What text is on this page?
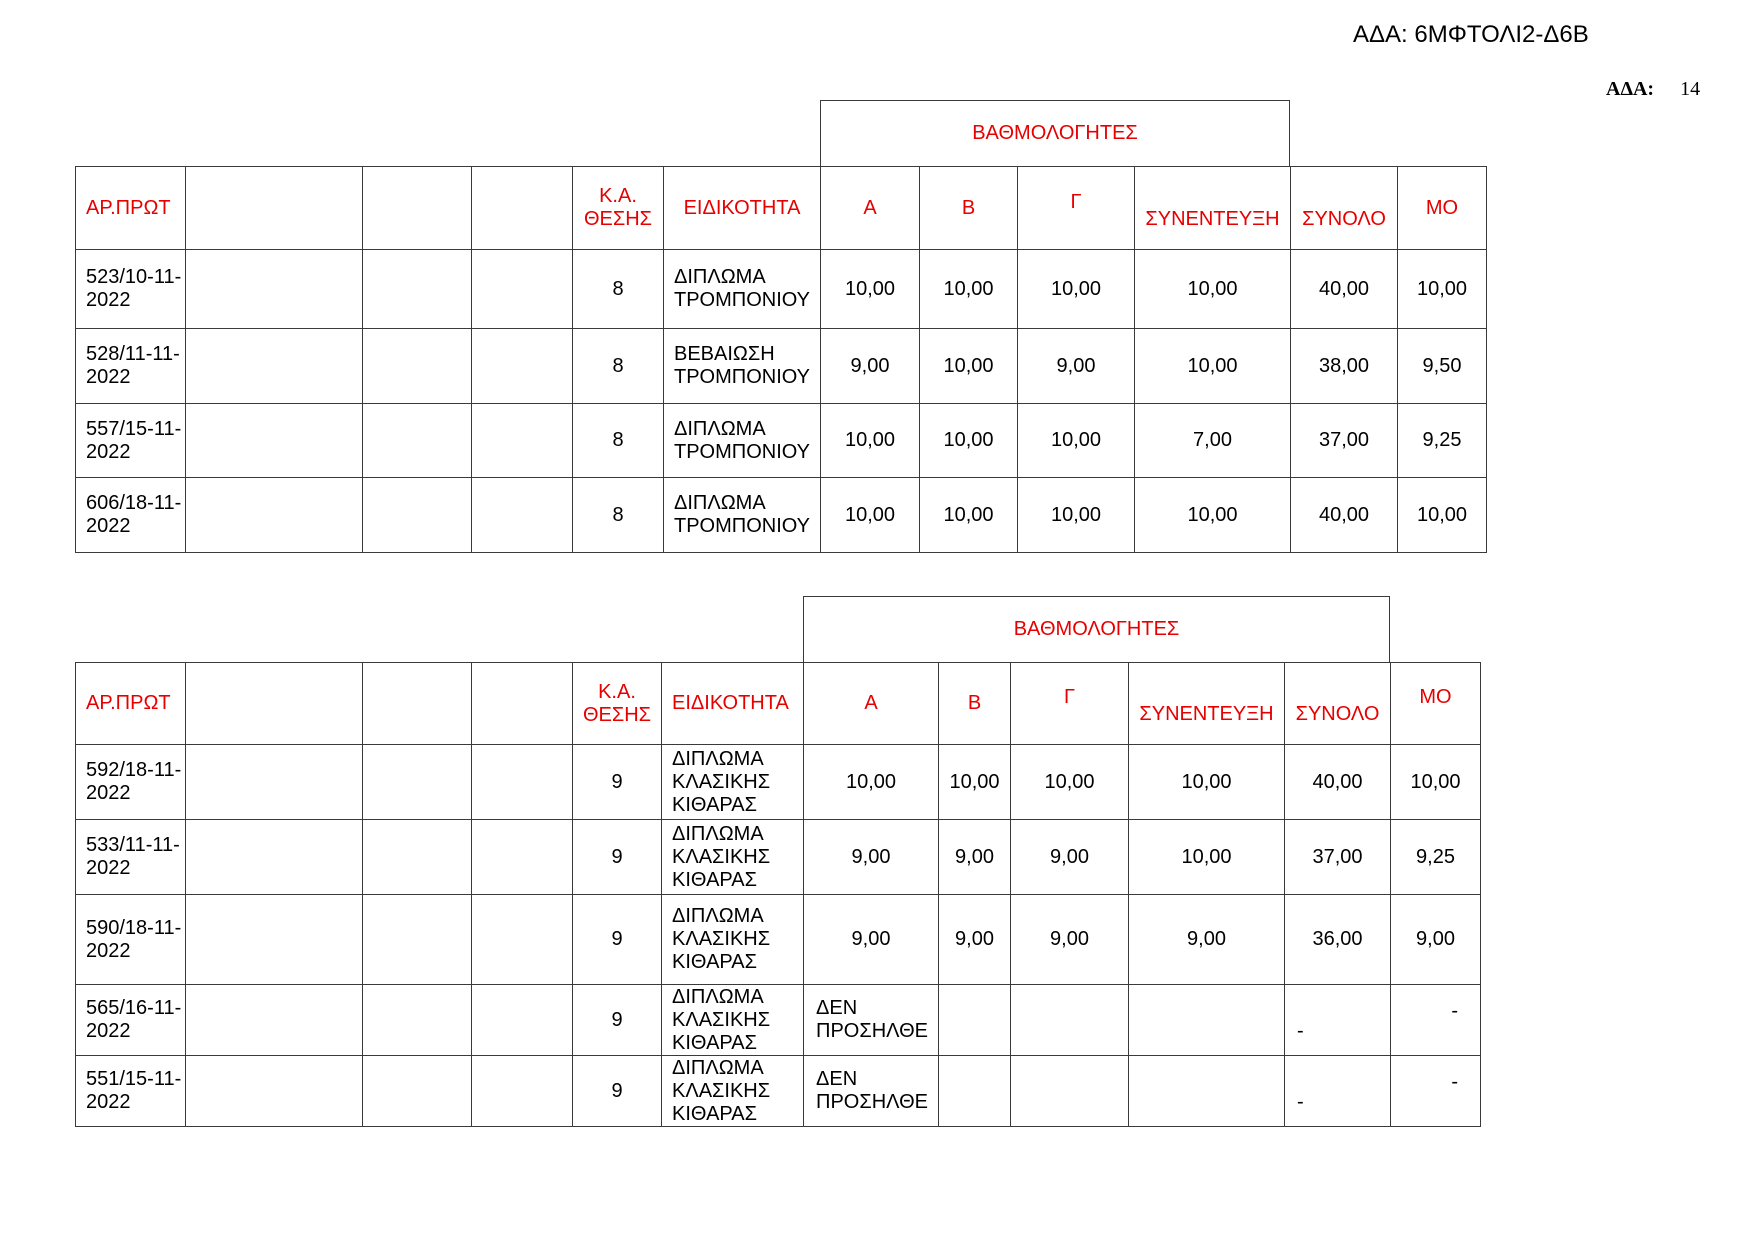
ΑΔΑ: 6ΜΦΤΟΛΙ2-Δ6Β
ΑΔΑ: 14
ΒΑΘΜΟΛΟΓΗΤΕΣ
ΑΡ.ΠΡΩΤ				Κ.Α. ΘΕΣΗΣ	ΕΙΔΙΚΟΤΗΤΑ	Α	Β	Γ	ΣΥΝΕΝΤΕΥΞΗ	ΣΥΝΟΛΟ	ΜΟ
523/10-11-2022				8	ΔΙΠΛΩΜΑ ΤΡΟΜΠΟΝΙΟΥ	10,00	10,00	10,00	10,00	40,00	10,00
528/11-11-2022				8	ΒΕΒΑΙΩΣΗ ΤΡΟΜΠΟΝΙΟΥ	9,00	10,00	9,00	10,00	38,00	9,50
557/15-11-2022				8	ΔΙΠΛΩΜΑ ΤΡΟΜΠΟΝΙΟΥ	10,00	10,00	10,00	7,00	37,00	9,25
606/18-11-2022				8	ΔΙΠΛΩΜΑ ΤΡΟΜΠΟΝΙΟΥ	10,00	10,00	10,00	10,00	40,00	10,00
ΒΑΘΜΟΛΟΓΗΤΕΣ
ΑΡ.ΠΡΩΤ				Κ.Α. ΘΕΣΗΣ	ΕΙΔΙΚΟΤΗΤΑ	Α	Β	Γ	ΣΥΝΕΝΤΕΥΞΗ	ΣΥΝΟΛΟ	ΜΟ
592/18-11-2022				9	ΔΙΠΛΩΜΑ ΚΛΑΣΙΚΗΣ ΚΙΘΑΡΑΣ	10,00	10,00	10,00	10,00	40,00	10,00
533/11-11-2022				9	ΔΙΠΛΩΜΑ ΚΛΑΣΙΚΗΣ ΚΙΘΑΡΑΣ	9,00	9,00	9,00	10,00	37,00	9,25
590/18-11-2022				9	ΔΙΠΛΩΜΑ ΚΛΑΣΙΚΗΣ ΚΙΘΑΡΑΣ	9,00	9,00	9,00	9,00	36,00	9,00
565/16-11-2022				9	ΔΙΠΛΩΜΑ ΚΛΑΣΙΚΗΣ ΚΙΘΑΡΑΣ	ΔΕΝ ΠΡΟΣΗΛΘΕ				-	-
551/15-11-2022				9	ΔΙΠΛΩΜΑ ΚΛΑΣΙΚΗΣ ΚΙΘΑΡΑΣ	ΔΕΝ ΠΡΟΣΗΛΘΕ				-	-
